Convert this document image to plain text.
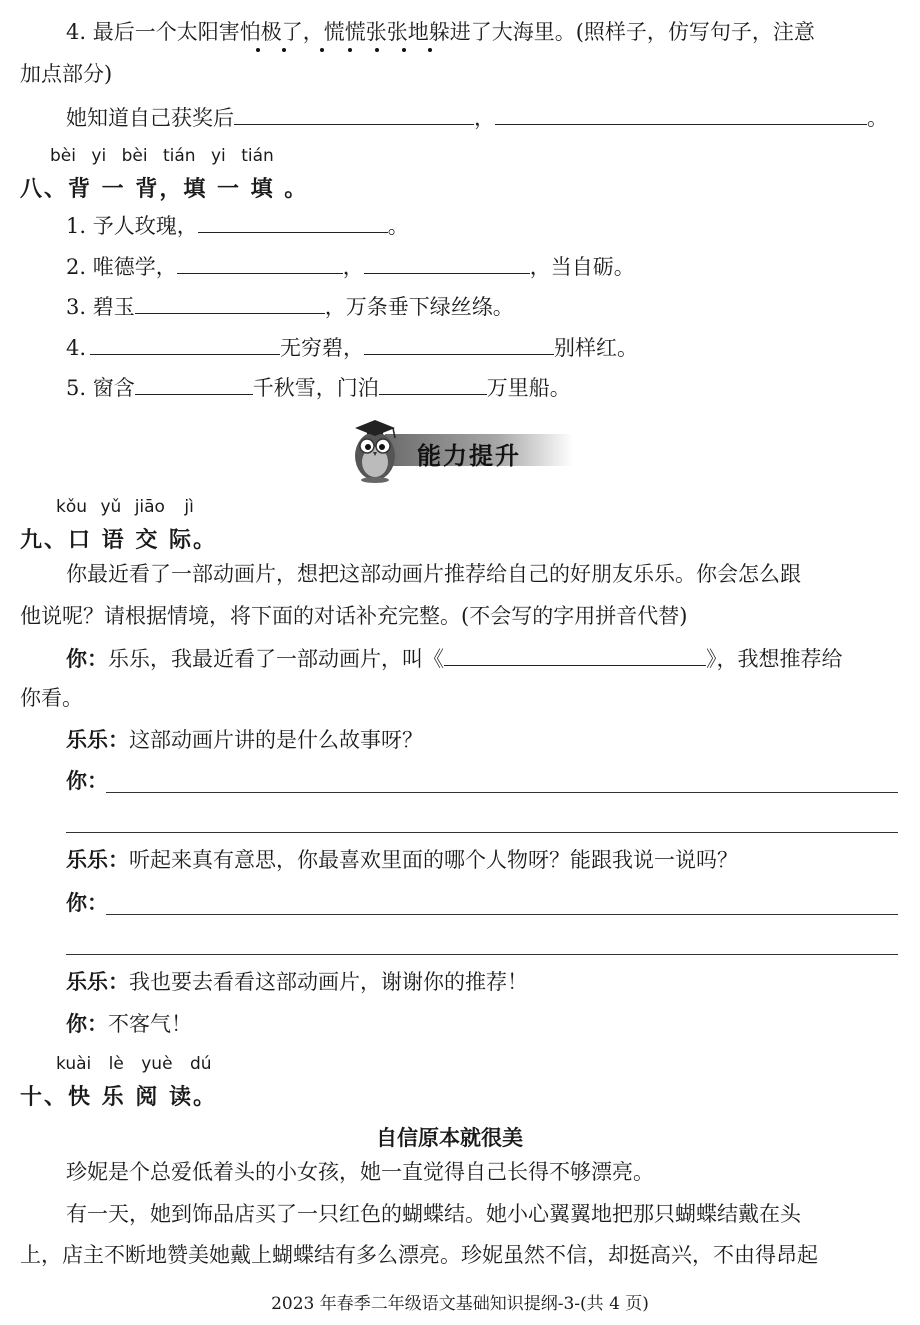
4. 最后一个太阳害怕极了，慌慌张张地躲进了大海里。(照样子，仿写句子，注意
加点部分)
她知道自己获奖后	，	。
bèi yi bèi tián yi tián
八、背 一 背，填 一 填 。
1. 予人玫瑰，	。
2. 唯德学，	，	，当自砺。
3. 碧玉	，万条垂下绿丝绦。
4.	无穷碧，	别样红。
5. 窗含	千秋雪，门泊	万里船。
能力提升
kǒu yǔ jiāo jì
九、口 语 交 际。
你最近看了一部动画片，想把这部动画片推荐给自己的好朋友乐乐。你会怎么跟
他说呢？请根据情境，将下面的对话补充完整。(不会写的字用拼音代替)
你：乐乐，我最近看了一部动画片，叫《	》，我想推荐给
你看。
乐乐：这部动画片讲的是什么故事呀？
你：
乐乐：听起来真有意思，你最喜欢里面的哪个人物呀？能跟我说一说吗？
你：
乐乐：我也要去看看这部动画片，谢谢你的推荐！
你：不客气！
kuài lè yuè dú
十、快 乐 阅 读。
自信原本就很美
珍妮是个总爱低着头的小女孩，她一直觉得自己长得不够漂亮。
有一天，她到饰品店买了一只红色的蝴蝶结。她小心翼翼地把那只蝴蝶结戴在头
上，店主不断地赞美她戴上蝴蝶结有多么漂亮。珍妮虽然不信，却挺高兴，不由得昂起
2023 年春季二年级语文基础知识提纲-3-(共 4 页)
